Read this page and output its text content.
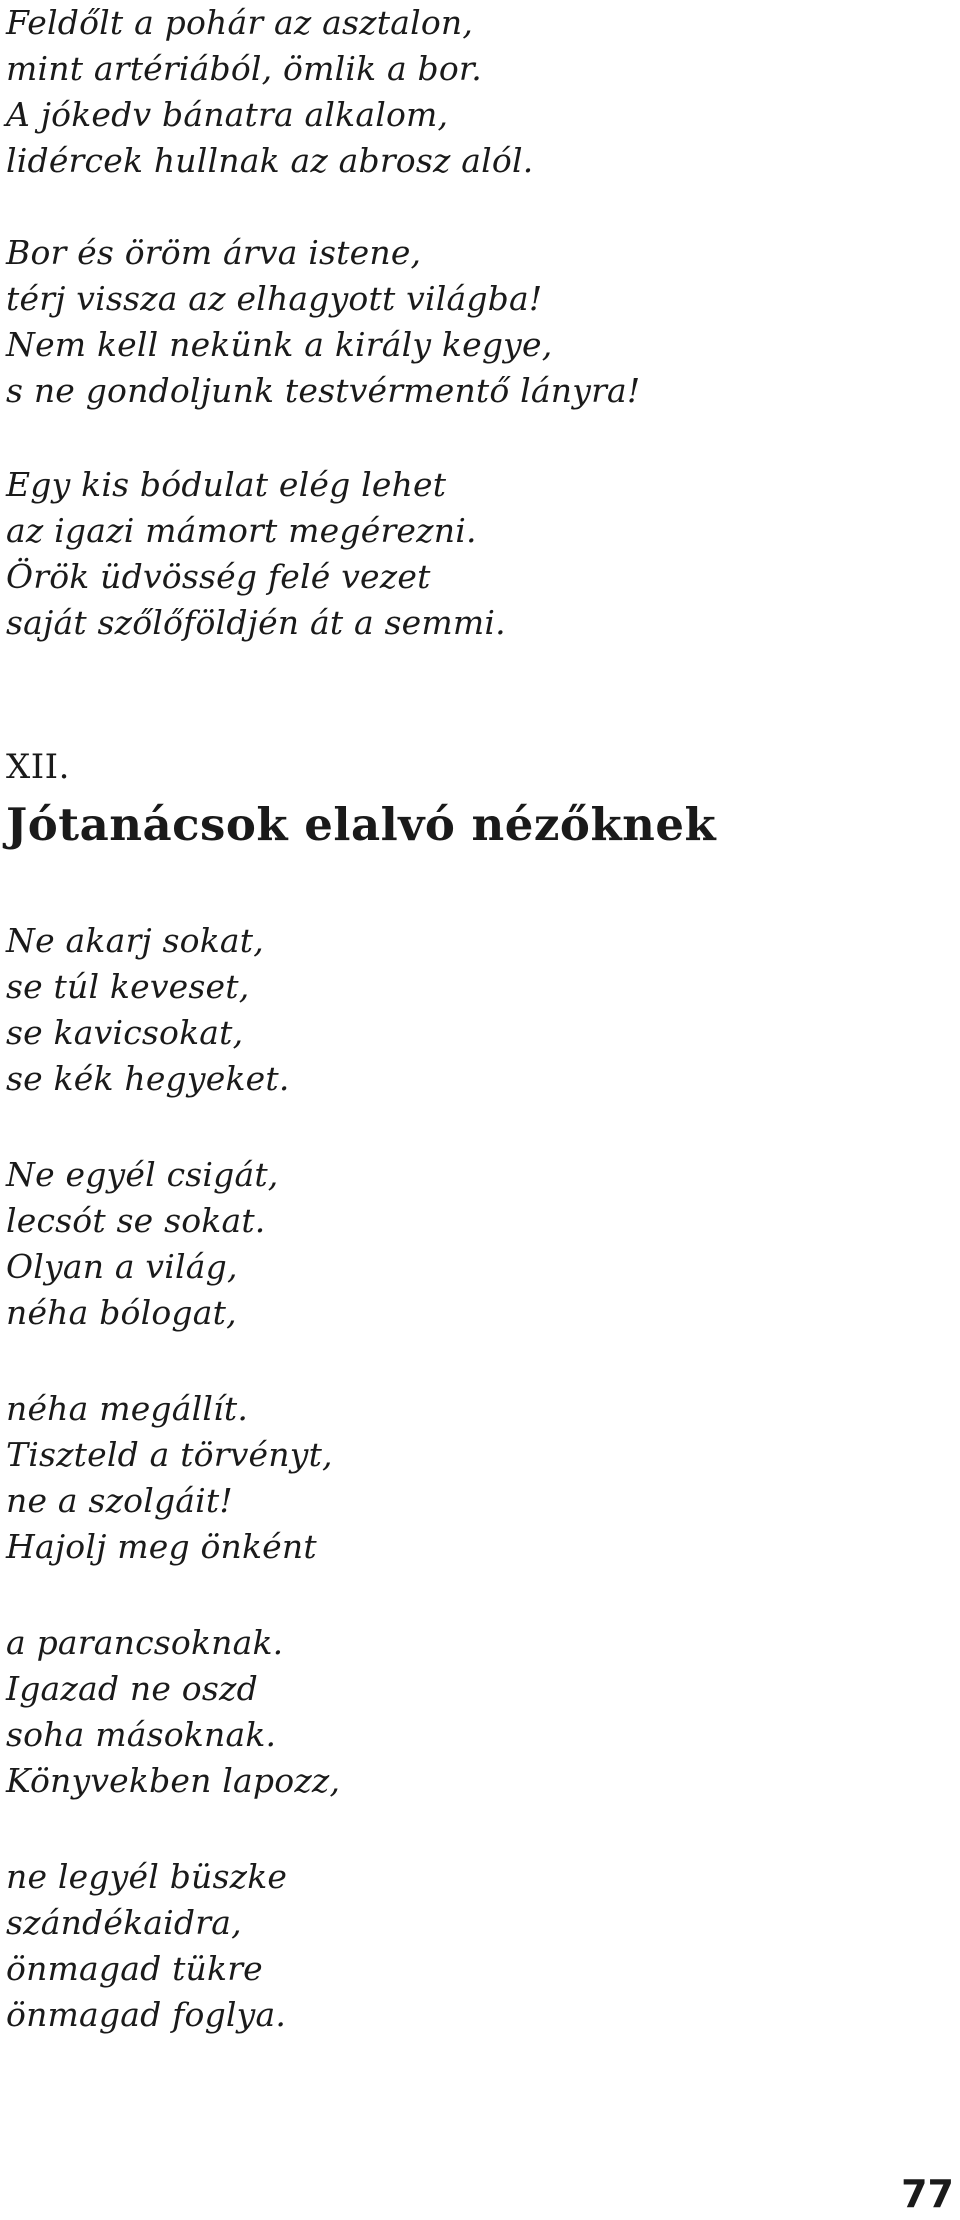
Feldőlt a pohár az asztalon,
mint artériából, ömlik a bor.
A jókedv bánatra alkalom,
lidércek hullnak az abrosz alól.
Bor és öröm árva istene,
térj vissza az elhagyott világba!
Nem kell nekünk a király kegye,
s ne gondoljunk testvérmentő lányra!
Egy kis bódulat elég lehet
az igazi mámort megérezni.
Örök üdvösség felé vezet
saját szőlőföldjén át a semmi.
XII.
Jótanácsok elalvó nézőknek
Ne akarj sokat,
se túl keveset,
se kavicsokat,
se kék hegyeket.
Ne egyél csigát,
lecsót se sokat.
Olyan a világ,
néha bólogat,
néha megállít.
Tiszteld a törvényt,
ne a szolgáit!
Hajolj meg önként
a parancsoknak.
Igazad ne oszd
soha másoknak.
Könyvekben lapozz,
ne legyél büszke
szándékaidra,
önmagad tükre
önmagad foglya.
77
